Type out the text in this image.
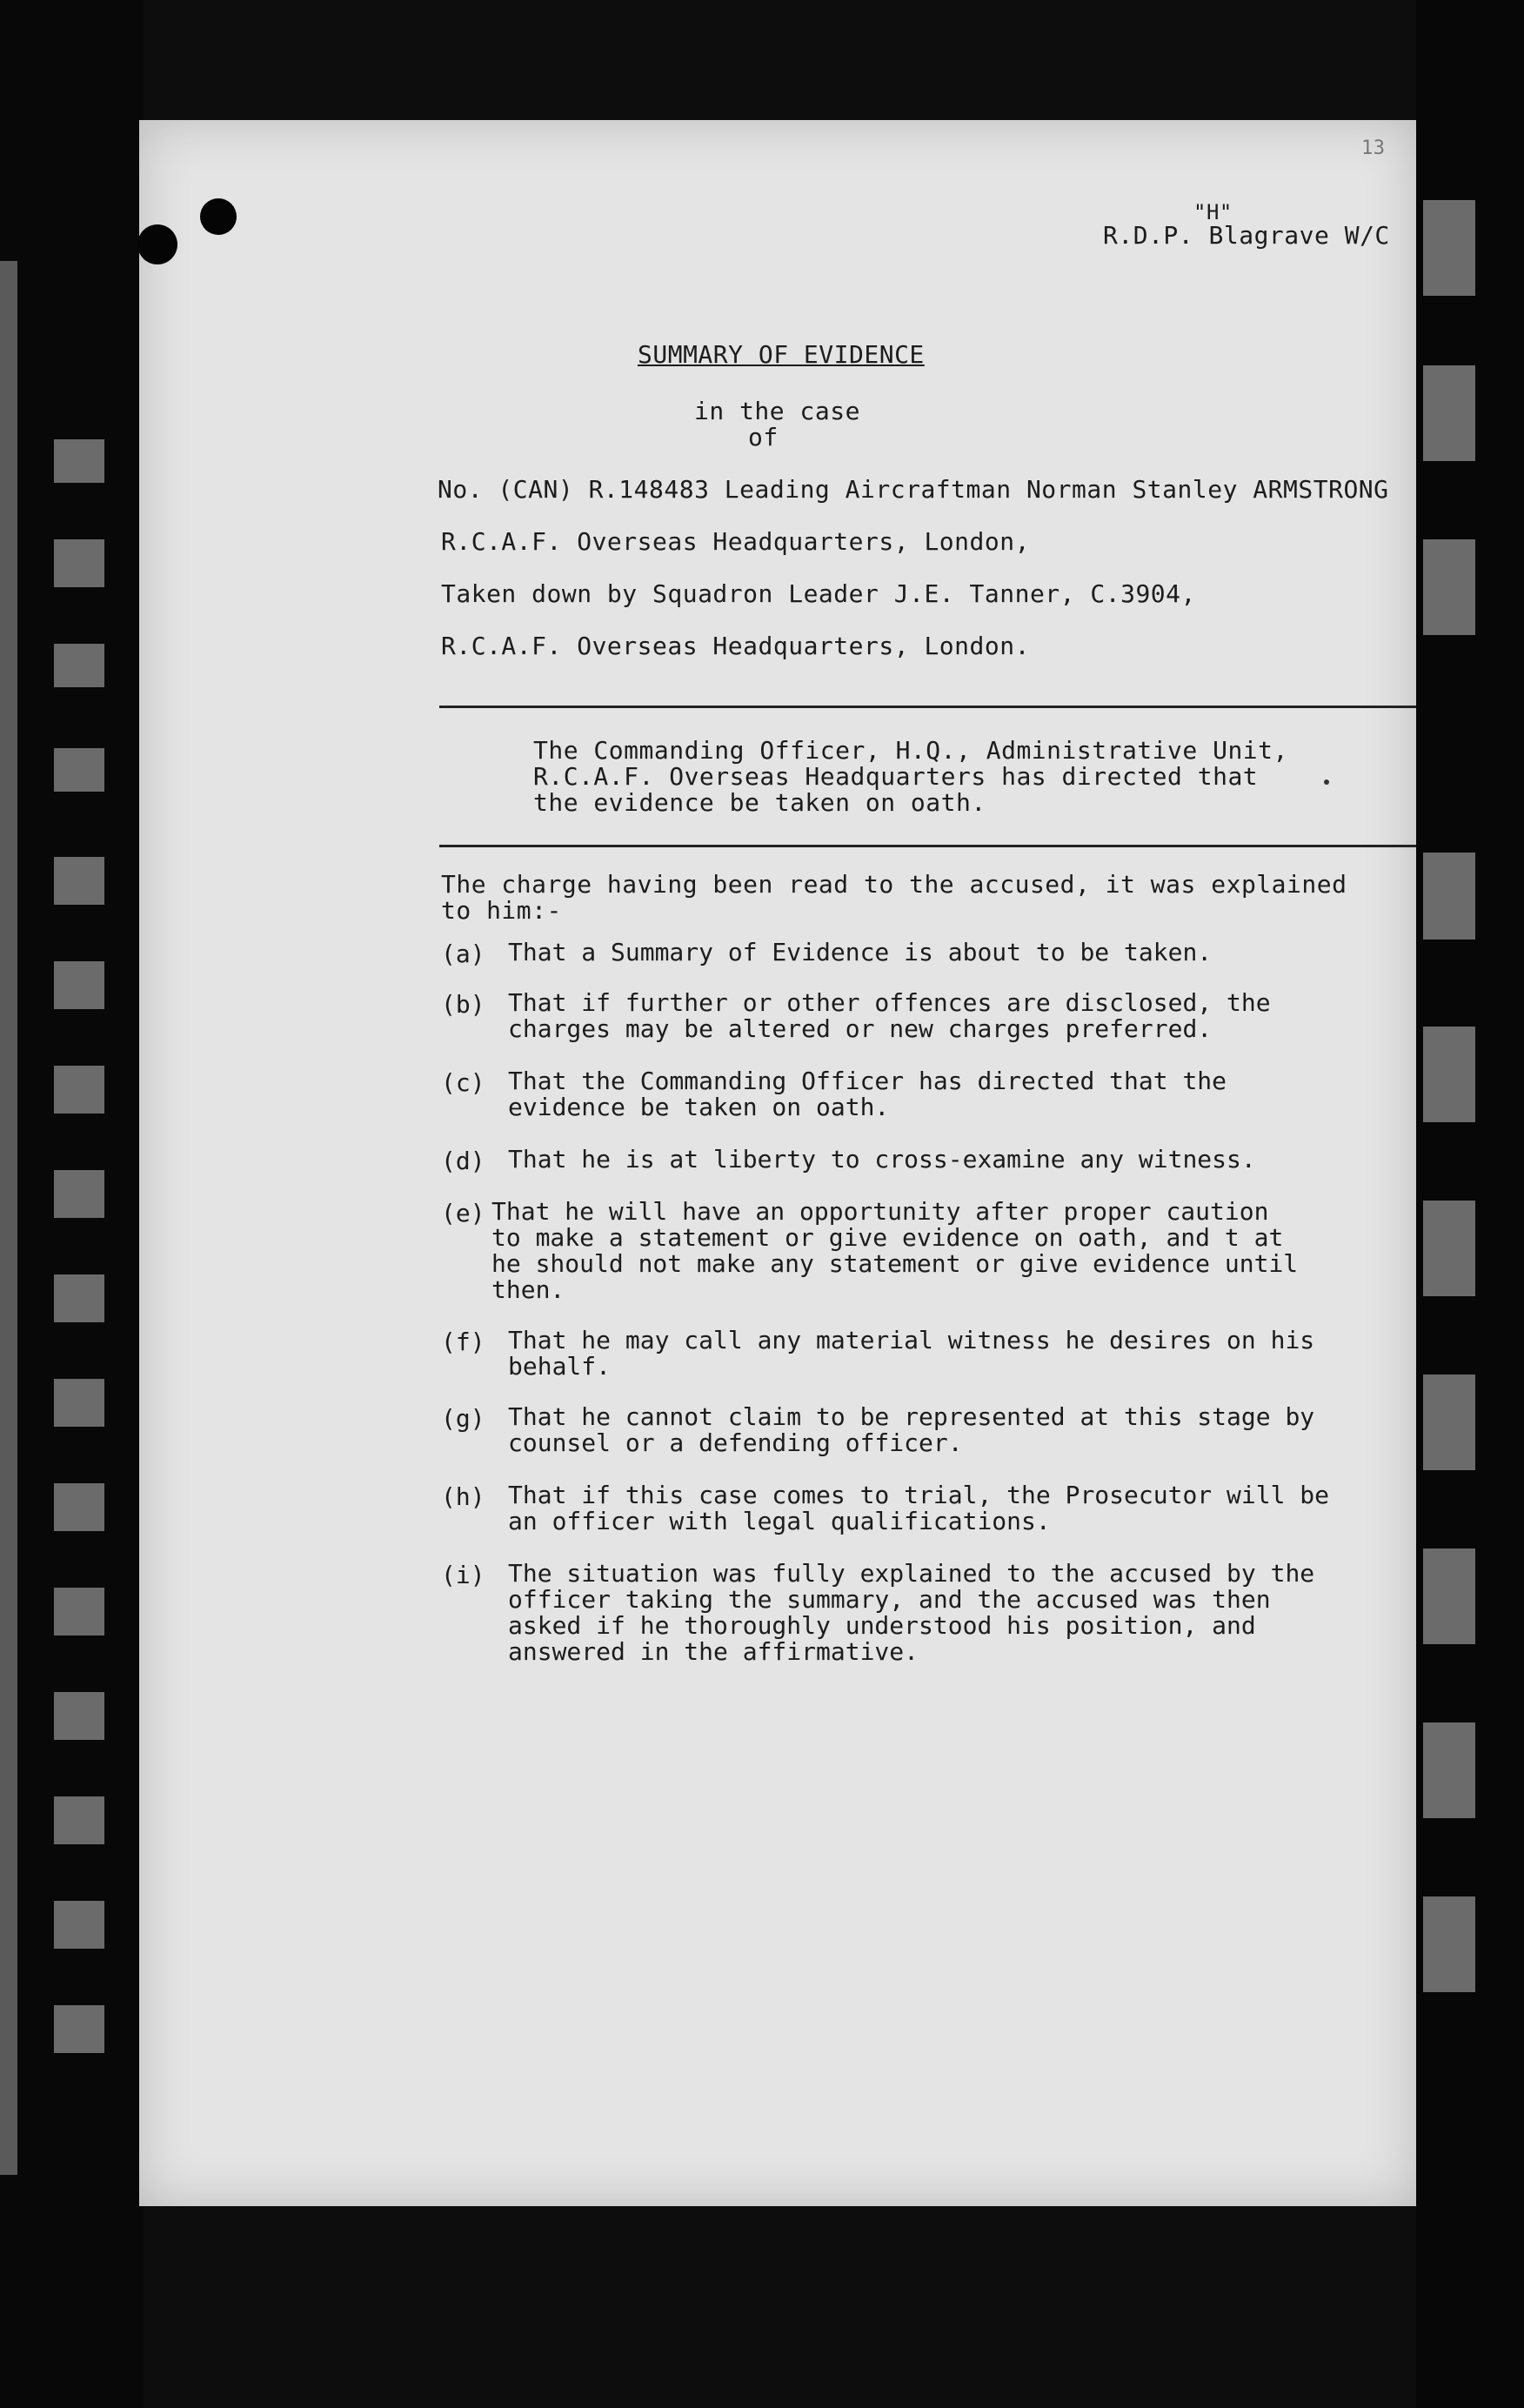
13
"H"
R.D.P. Blagrave W/C
SUMMARY OF EVIDENCE
in the case
of
No. (CAN) R.148483 Leading Aircraftman Norman Stanley ARMSTRONG
R.C.A.F. Overseas Headquarters, London,
Taken down by Squadron Leader J.E. Tanner, C.3904,
R.C.A.F. Overseas Headquarters, London.
The Commanding Officer, H.Q., Administrative Unit,
R.C.A.F. Overseas Headquarters has directed that
the evidence be taken on oath.
The charge having been read to the accused, it was explained
to him:-
(a) That a Summary of Evidence is about to be taken.
(b) That if further or other offences are disclosed, the
charges may be altered or new charges preferred.
(c) That the Commanding Officer has directed that the
evidence be taken on oath.
(d) That he is at liberty to cross-examine any witness.
(e) That he will have an opportunity after proper caution
to make a statement or give evidence on oath, and t at
he should not make any statement or give evidence until
then.
(f) That he may call any material witness he desires on his
behalf.
(g) That he cannot claim to be represented at this stage by
counsel or a defending officer.
(h) That if this case comes to trial, the Prosecutor will be
an officer with legal qualifications.
(i) The situation was fully explained to the accused by the
officer taking the summary, and the accused was then
asked if he thoroughly understood his position, and
answered in the affirmative.
